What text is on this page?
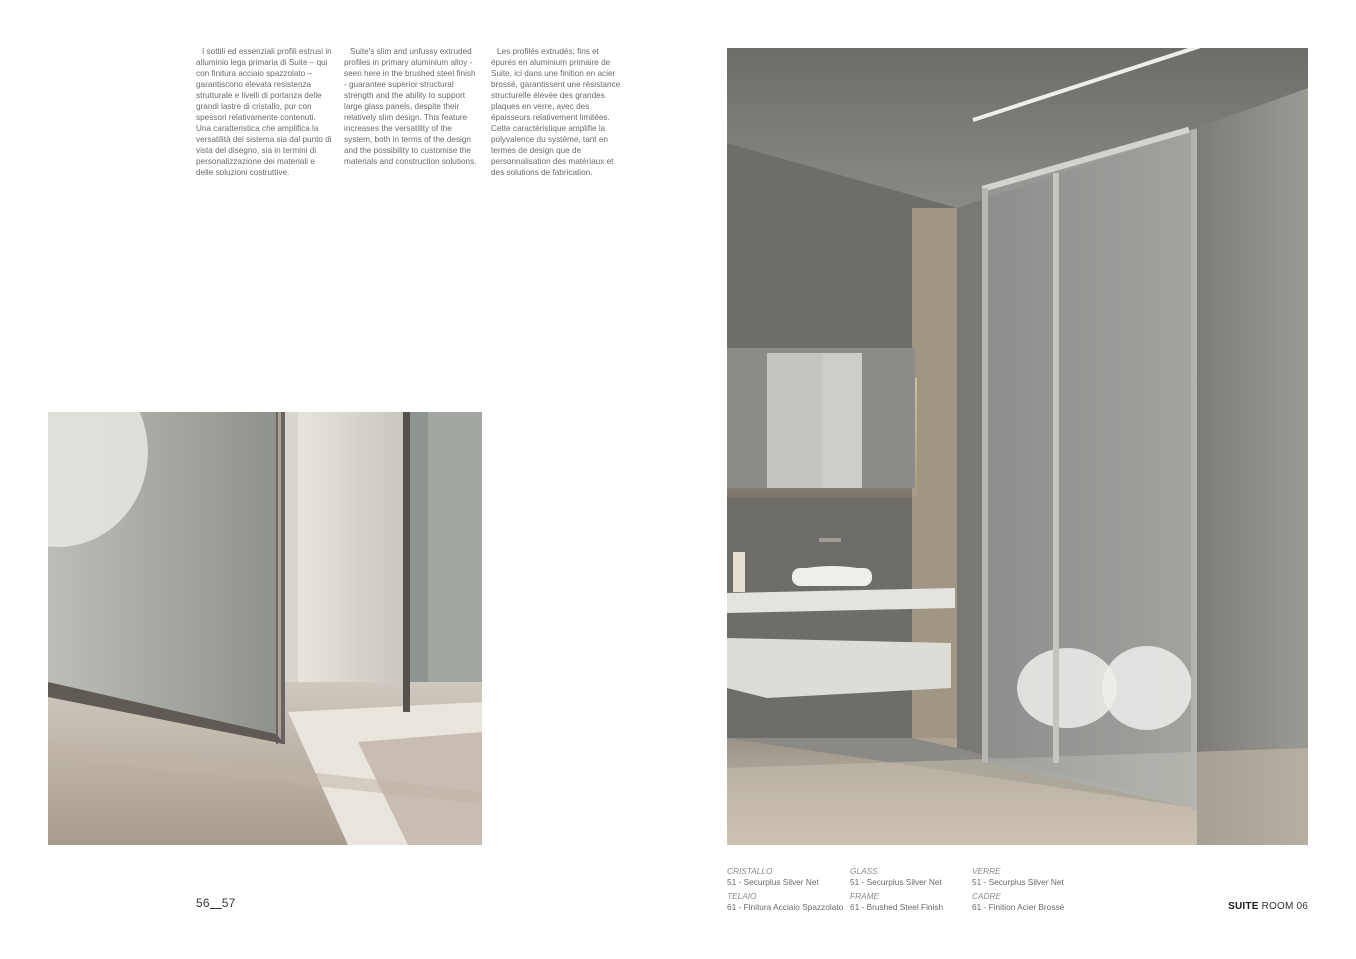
I sottili ed essenziali profili estrusi in alluminio lega primaria di Suite – qui con finitura acciaio spazzolato – garantiscono elevata resistenza strutturale e livelli di portanza delle grandi lastre di cristallo, pur con spessori relativamente contenuti. Una caratteristica che amplifica la versatilità del sistema sia dal punto di vista del disegno, sia in termini di personalizzazione dei materiali e delle soluzioni costruttive.

Suite's slim and unfussy extruded profiles in primary aluminium alloy - seen here in the brushed steel finish - guarantee superior structural strength and the ability to support large glass panels, despite their relatively slim design. This feature increases the versatility of the system, both in terms of the design and the possibility to customise the materials and construction solutions.

Les profilés extrudés, fins et épurés en aluminium primaire de Suite, ici dans une finition en acier brossé, garantissent une résistance structurelle élevée des grandes plaques en verre, avec des épaisseurs relativement limitées. Cette caractéristique amplifie la polyvalence du système, tant en termes de design que de personnalisation des matériaux et des solutions de fabrication.

56 57
CRISTALLO
51 - Securplus Silver Net
TELAIO
61 - Finitura Acciaio Spazzolato
GLASS
51 - Securplus Silver Net
FRAME
61 - Brushed Steel Finish
VERRE
51 - Securplus Silver Net
CADRE
61 - Finition Acier Brossé	SUITE ROOM 06
